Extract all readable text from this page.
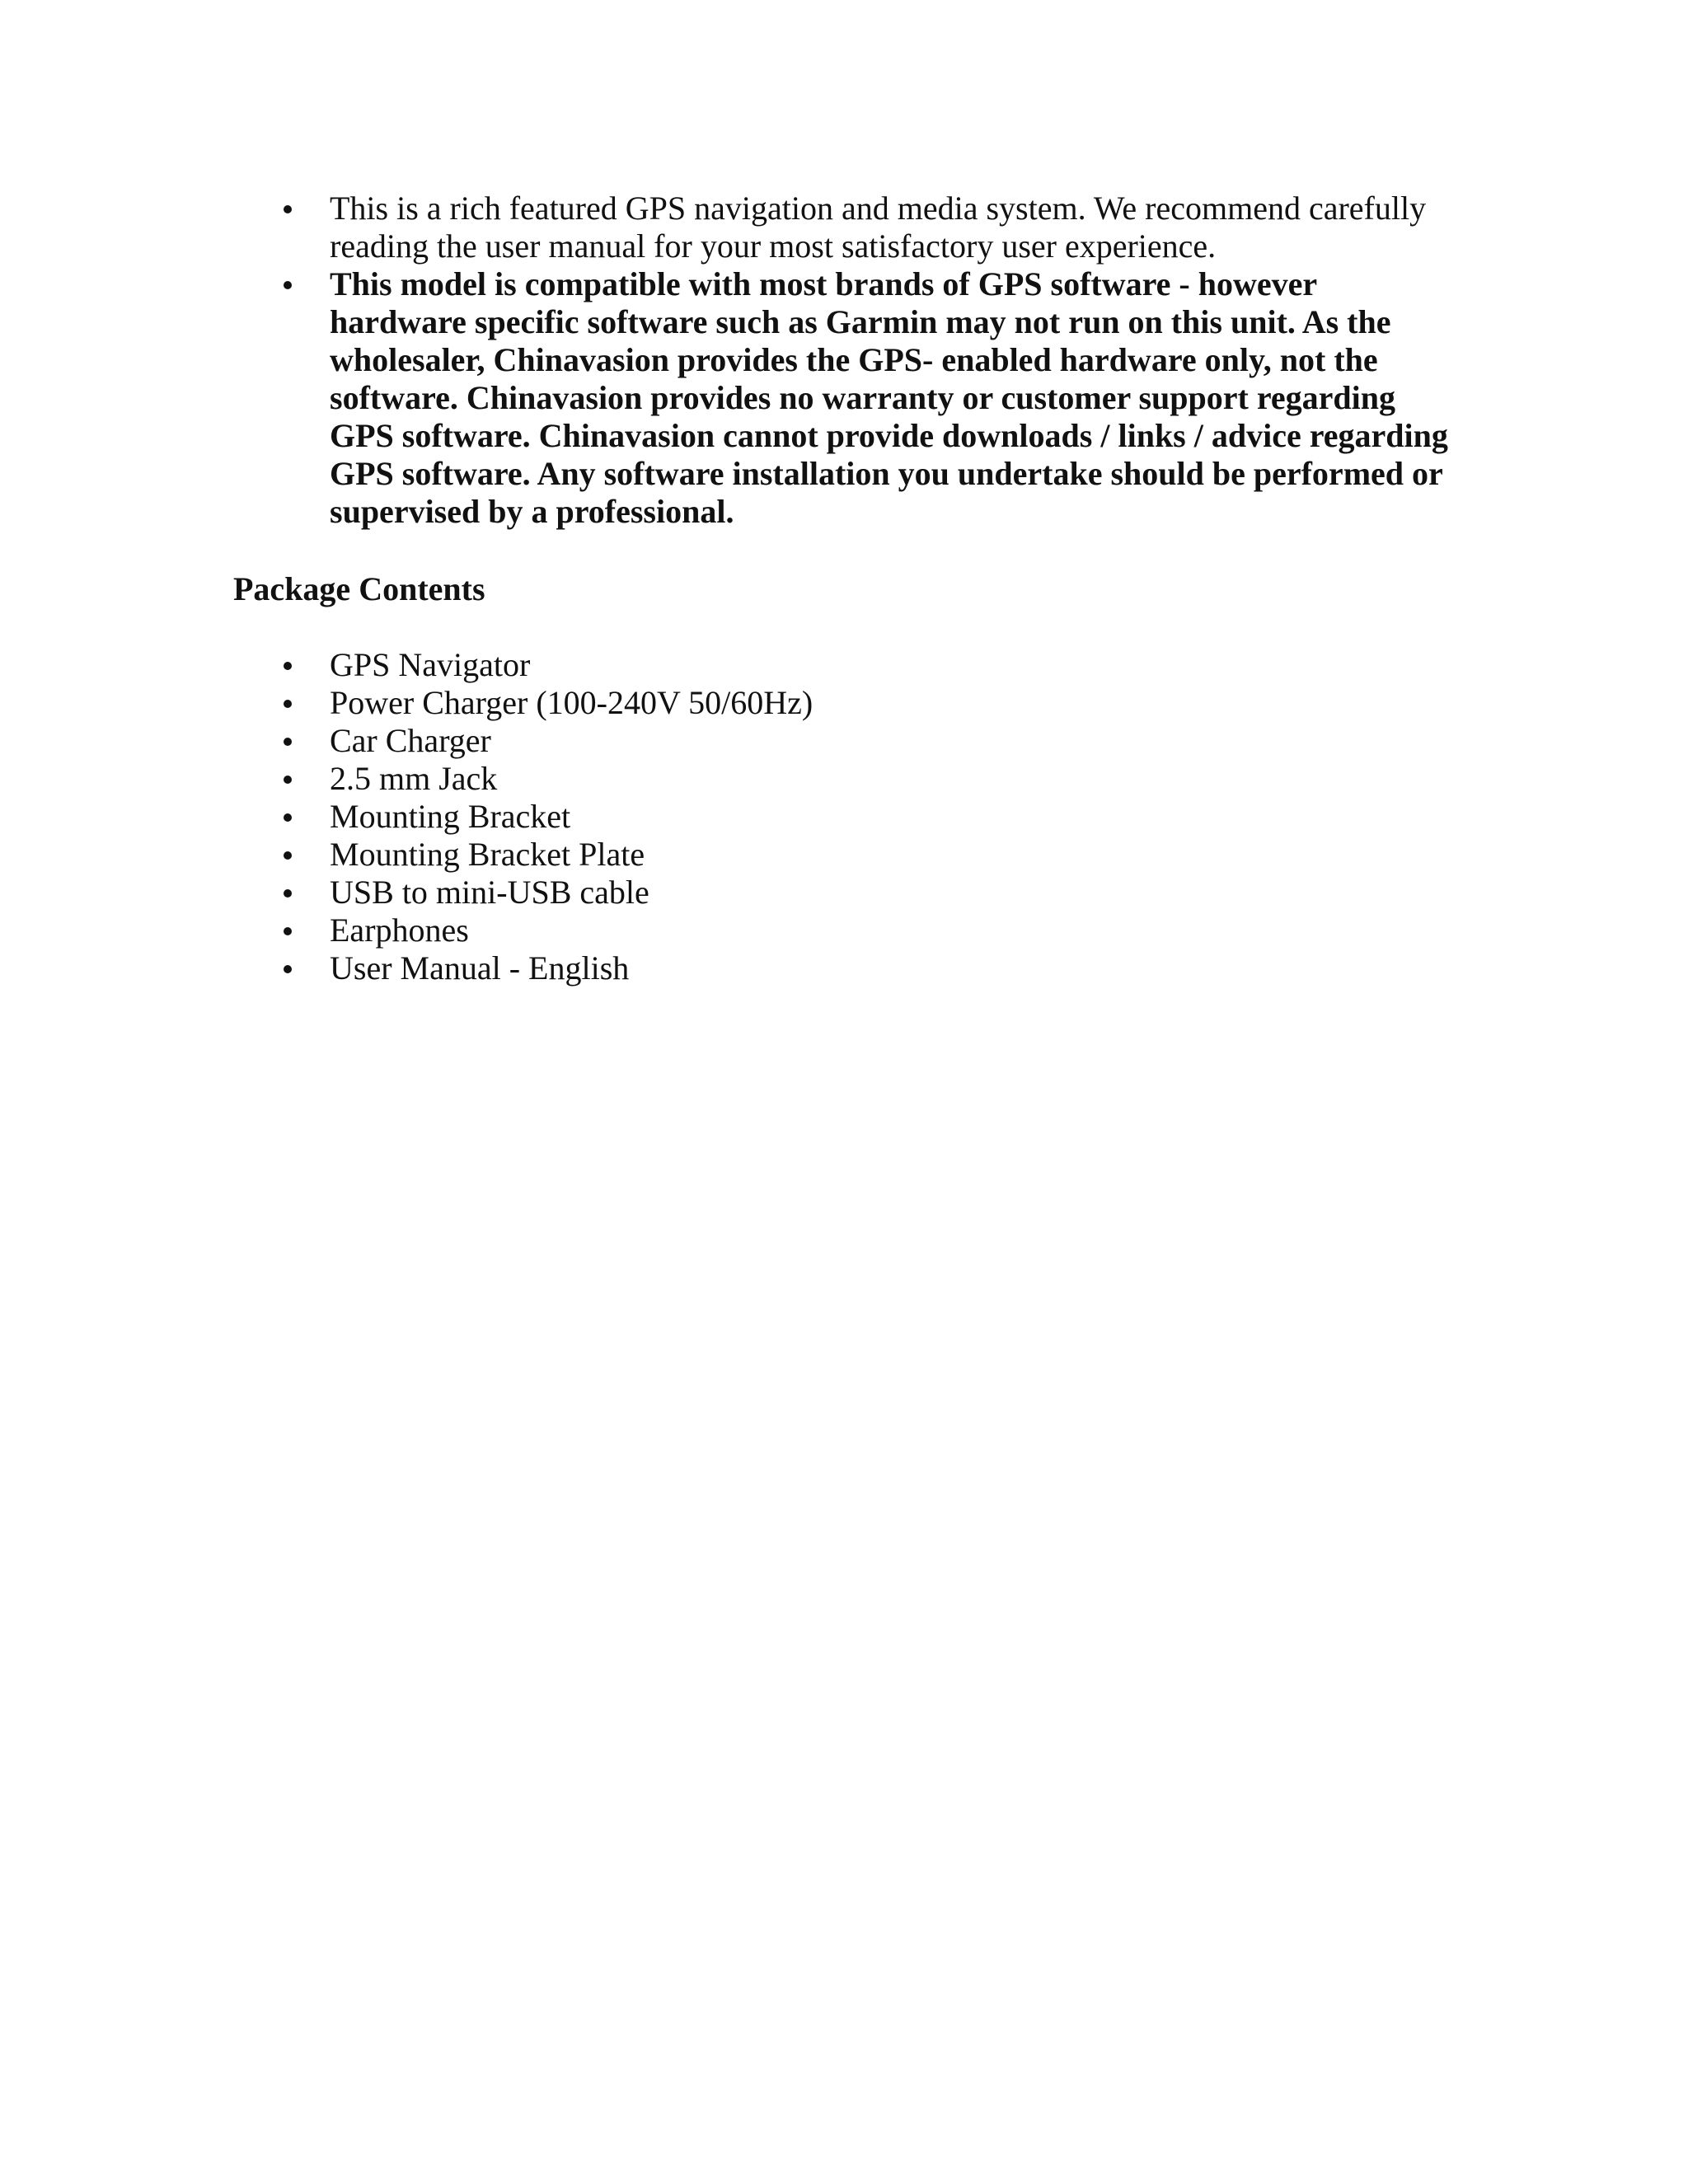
This is a rich featured GPS navigation and media system. We recommend carefully reading the user manual for your most satisfactory user experience.
This model is compatible with most brands of GPS software - however hardware specific software such as Garmin may not run on this unit. As the wholesaler, Chinavasion provides the GPS- enabled hardware only, not the software. Chinavasion provides no warranty or customer support regarding GPS software. Chinavasion cannot provide downloads / links / advice regarding GPS software. Any software installation you undertake should be performed or supervised by a professional.
Package Contents
GPS Navigator
Power Charger (100-240V 50/60Hz)
Car Charger
2.5 mm Jack
Mounting Bracket
Mounting Bracket Plate
USB to mini-USB cable
Earphones
User Manual - English
